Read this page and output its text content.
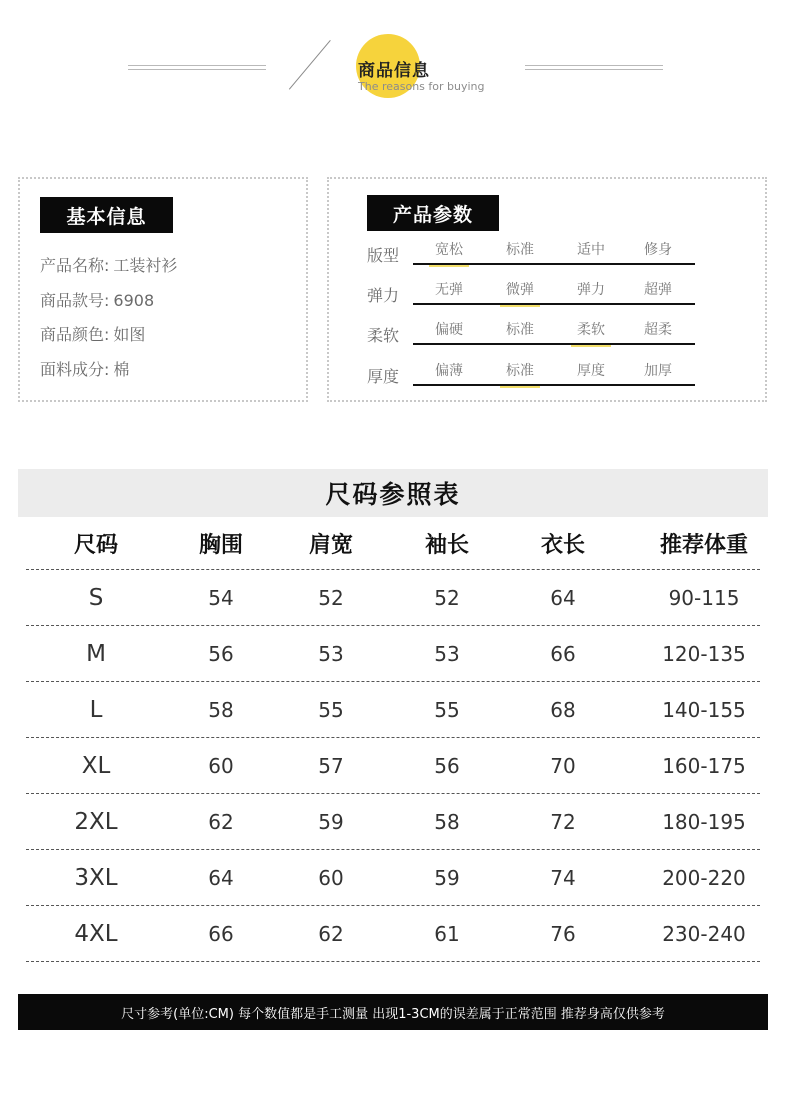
商品信息
The reasons for buying
基本信息
产品名称: 工装衬衫
商品款号: 6908
商品颜色: 如图
面料成分: 棉
产品参数
版型	宽松	标准	适中	修身
弹力	无弹	微弹	弹力	超弹
柔软	偏硬	标准	柔软	超柔
厚度	偏薄	标准	厚度	加厚
尺码参照表
尺码	胸围	肩宽	袖长	衣长	推荐体重
S	54	52	52	64	90-115
M	56	53	53	66	120-135
L	58	55	55	68	140-155
XL	60	57	56	70	160-175
2XL	62	59	58	72	180-195
3XL	64	60	59	74	200-220
4XL	66	62	61	76	230-240
尺寸参考(单位:CM) 每个数值都是手工测量 出现1-3CM的误差属于正常范围 推荐身高仅供参考
